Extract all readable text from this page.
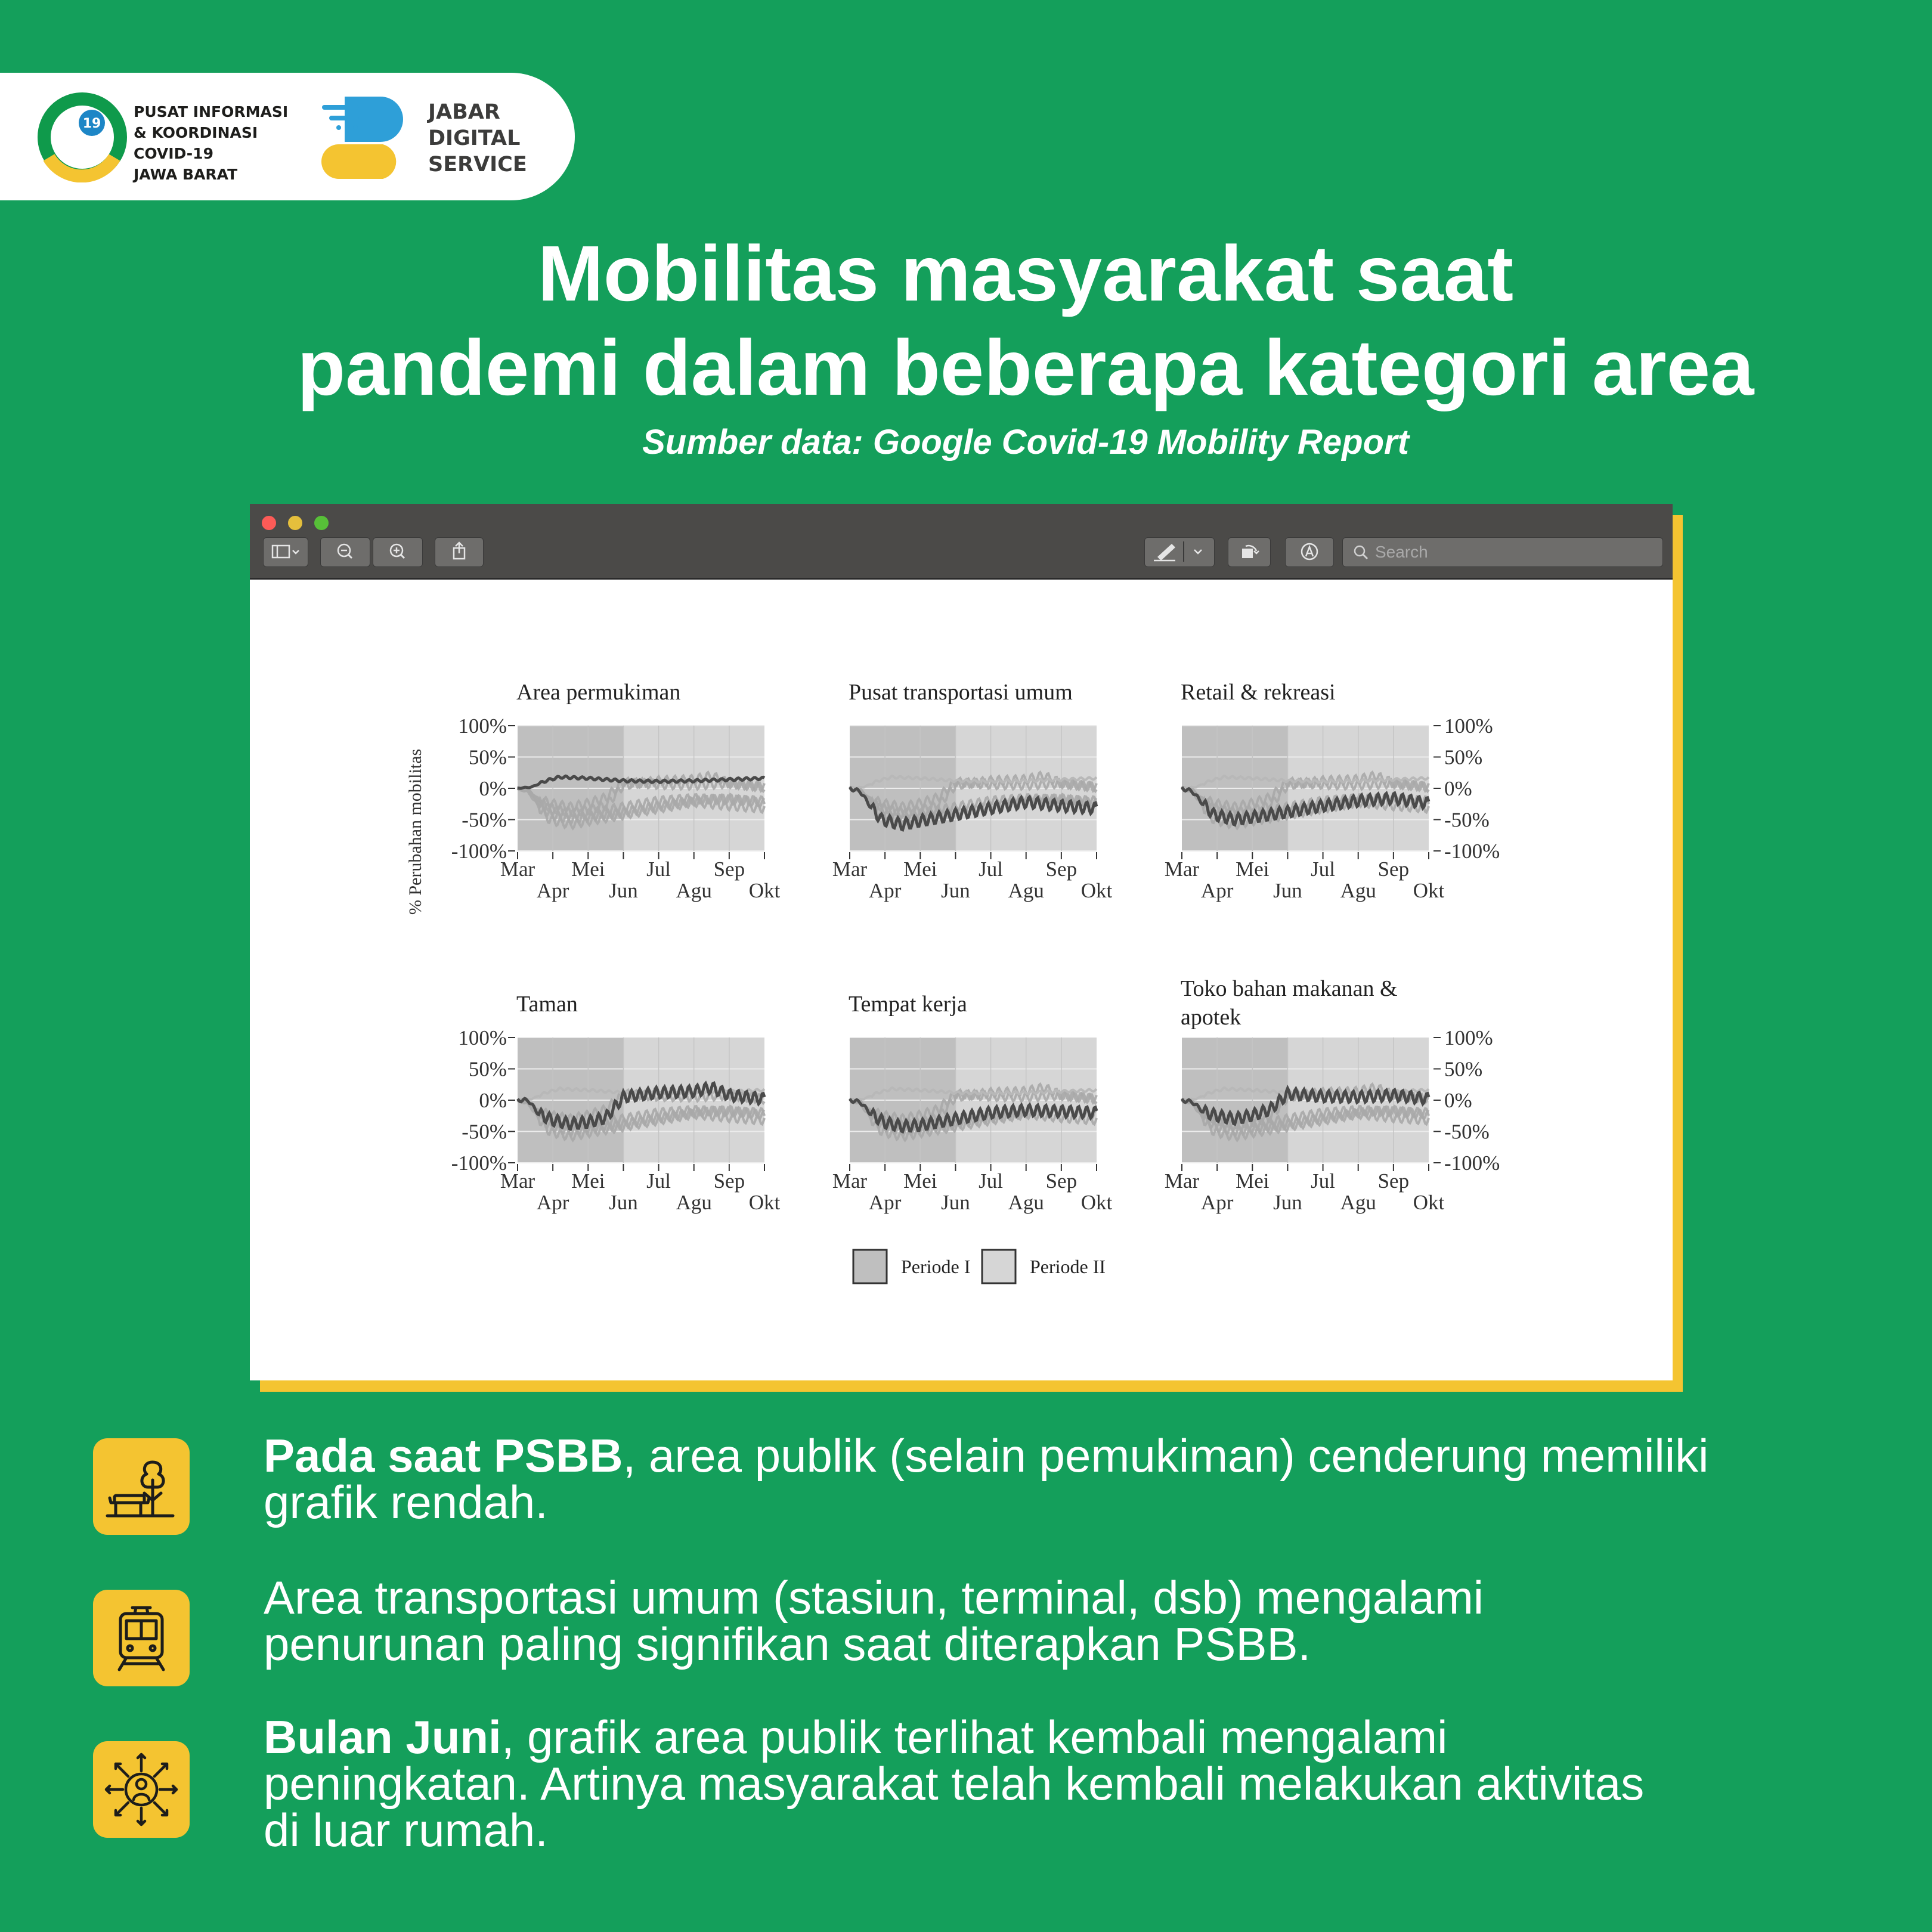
19
PUSAT INFORMASI
& KOORDINASI
COVID-19
JAWA BARAT
JABAR
DIGITAL
SERVICE
Mobilitas masyarakat saat
pandemi dalam beberapa kategori area
Sumber data: Google Covid-19 Mobility Report
Search
100%
50%
0%
-50%
-100%
Mar Mei Jul Sep
Apr Jun Agu Okt
Area permukiman
Mar Mei Jul Sep
Apr Jun Agu Okt
Pusat transportasi umum
100%
50%
0%
-50%
-100%
Mar Mei Jul Sep
Apr Jun Agu Okt
Retail & rekreasi
100%
50%
0%
-50%
-100%
Mar Mei Jul Sep
Apr Jun Agu Okt
Taman
Mar Mei Jul Sep
Apr Jun Agu Okt
Tempat kerja
100%
50%
0%
-50%
-100%
Mar Mei Jul Sep
Apr Jun Agu Okt
Toko bahan makanan &
apotek
% Perubahan mobilitas
Periode I	Periode II
Pada saat PSBB, area publik (selain pemukiman) cenderung memiliki
grafik rendah.
Area transportasi umum (stasiun, terminal, dsb) mengalami
penurunan paling signifikan saat diterapkan PSBB.
Bulan Juni, grafik area publik terlihat kembali mengalami
peningkatan. Artinya masyarakat telah kembali melakukan aktivitas
di luar rumah.
